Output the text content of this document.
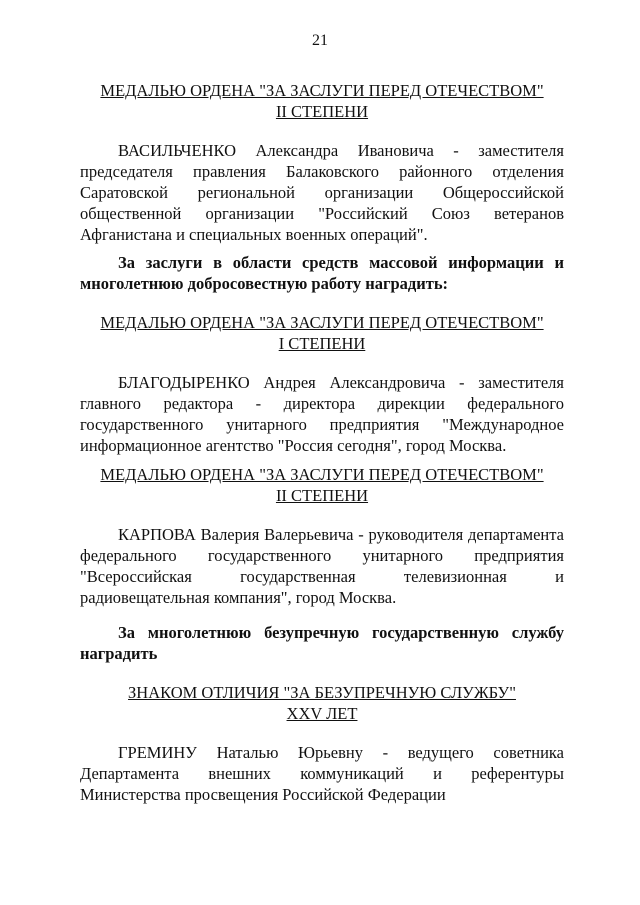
21
МЕДАЛЬЮ ОРДЕНА "ЗА ЗАСЛУГИ ПЕРЕД ОТЕЧЕСТВОМ"
II СТЕПЕНИ
ВАСИЛЬЧЕНКО Александра Ивановича - заместителя председателя правления Балаковского районного отделения Саратовской региональной организации Общероссийской общественной организации "Российский Союз ветеранов Афганистана и специальных военных операций".
За заслуги в области средств массовой информации и многолетнюю добросовестную работу наградить:
МЕДАЛЬЮ ОРДЕНА "ЗА ЗАСЛУГИ ПЕРЕД ОТЕЧЕСТВОМ"
I СТЕПЕНИ
БЛАГОДЫРЕНКО Андрея Александровича - заместителя главного редактора - директора дирекции федерального государственного унитарного предприятия "Международное информационное агентство "Россия сегодня", город Москва.
МЕДАЛЬЮ ОРДЕНА "ЗА ЗАСЛУГИ ПЕРЕД ОТЕЧЕСТВОМ"
II СТЕПЕНИ
КАРПОВА Валерия Валерьевича - руководителя департамента федерального государственного унитарного предприятия "Всероссийская государственная телевизионная и радиовещательная компания", город Москва.
За многолетнюю безупречную государственную службу наградить
ЗНАКОМ ОТЛИЧИЯ "ЗА БЕЗУПРЕЧНУЮ СЛУЖБУ"
XXV ЛЕТ
ГРЕМИНУ Наталью Юрьевну - ведущего советника Департамента внешних коммуникаций и референтуры Министерства просвещения Российской Федерации
